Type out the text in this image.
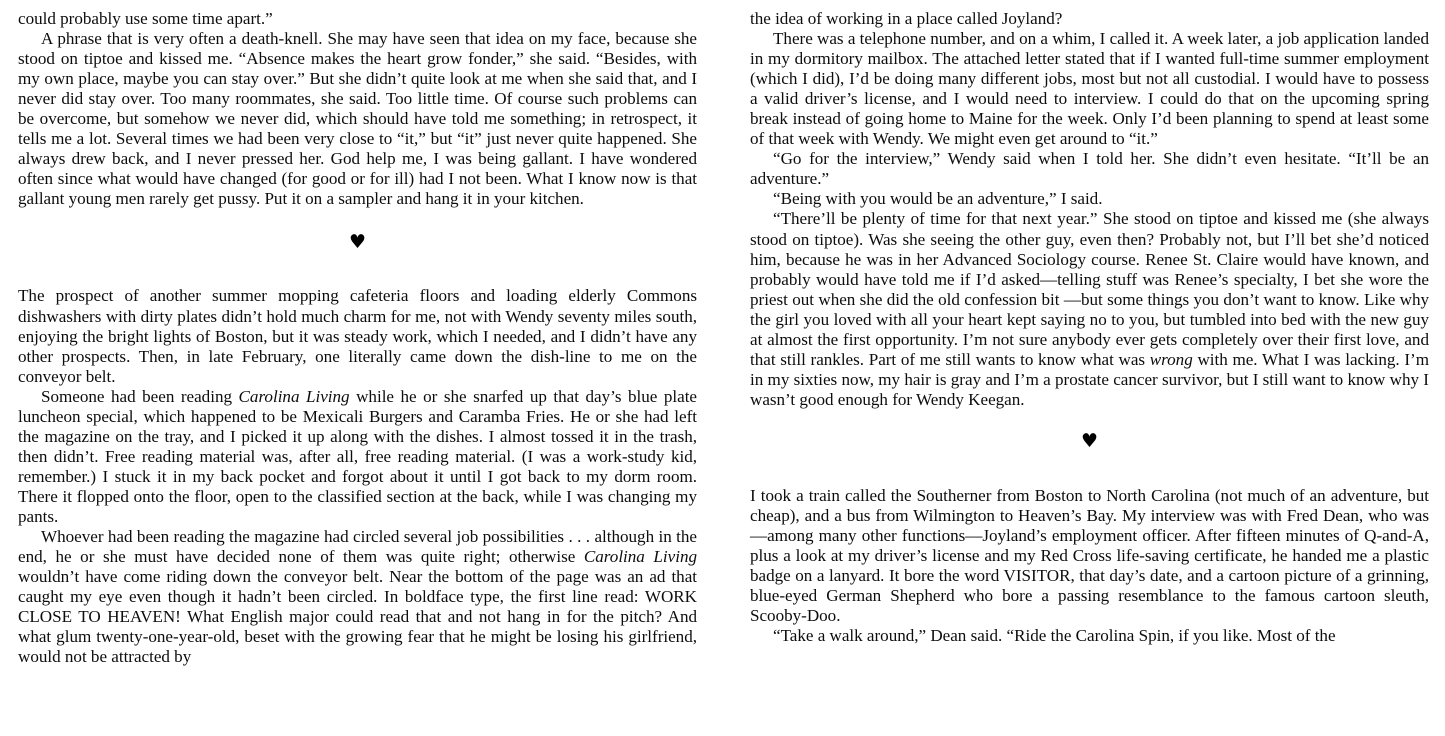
could probably use some time apart.”

A phrase that is very often a death-knell. She may have seen that idea on my face, because she stood on tiptoe and kissed me. “Absence makes the heart grow fonder,” she said. “Besides, with my own place, maybe you can stay over.” But she didn’t quite look at me when she said that, and I never did stay over. Too many roommates, she said. Too little time. Of course such problems can be overcome, but somehow we never did, which should have told me something; in retrospect, it tells me a lot. Several times we had been very close to “it,” but “it” just never quite happened. She always drew back, and I never pressed her. God help me, I was being gallant. I have wondered often since what would have changed (for good or for ill) had I not been. What I know now is that gallant young men rarely get pussy. Put it on a sampler and hang it in your kitchen.

♥

The prospect of another summer mopping cafeteria floors and loading elderly Commons dishwashers with dirty plates didn’t hold much charm for me, not with Wendy seventy miles south, enjoying the bright lights of Boston, but it was steady work, which I needed, and I didn’t have any other prospects. Then, in late February, one literally came down the dish-line to me on the conveyor belt.

Someone had been reading Carolina Living while he or she snarfed up that day’s blue plate luncheon special, which happened to be Mexicali Burgers and Caramba Fries. He or she had left the magazine on the tray, and I picked it up along with the dishes. I almost tossed it in the trash, then didn’t. Free reading material was, after all, free reading material. (I was a work-study kid, remember.) I stuck it in my back pocket and forgot about it until I got back to my dorm room. There it flopped onto the floor, open to the classified section at the back, while I was changing my pants.

Whoever had been reading the magazine had circled several job possibilities . . . although in the end, he or she must have decided none of them was quite right; otherwise Carolina Living wouldn’t have come riding down the conveyor belt. Near the bottom of the page was an ad that caught my eye even though it hadn’t been circled. In boldface type, the first line read: WORK CLOSE TO HEAVEN! What English major could read that and not hang in for the pitch? And what glum twenty-one-year-old, beset with the growing fear that he might be losing his girlfriend, would not be attracted by

the idea of working in a place called Joyland?

There was a telephone number, and on a whim, I called it. A week later, a job application landed in my dormitory mailbox. The attached letter stated that if I wanted full-time summer employment (which I did), I’d be doing many different jobs, most but not all custodial. I would have to possess a valid driver’s license, and I would need to interview. I could do that on the upcoming spring break instead of going home to Maine for the week. Only I’d been planning to spend at least some of that week with Wendy. We might even get around to “it.”

“Go for the interview,” Wendy said when I told her. She didn’t even hesitate. “It’ll be an adventure.”

“Being with you would be an adventure,” I said.

“There’ll be plenty of time for that next year.” She stood on tiptoe and kissed me (she always stood on tiptoe). Was she seeing the other guy, even then? Probably not, but I’ll bet she’d noticed him, because he was in her Advanced Sociology course. Renee St. Claire would have known, and probably would have told me if I’d asked—telling stuff was Renee’s specialty, I bet she wore the priest out when she did the old confession bit —but some things you don’t want to know. Like why the girl you loved with all your heart kept saying no to you, but tumbled into bed with the new guy at almost the first opportunity. I’m not sure anybody ever gets completely over their first love, and that still rankles. Part of me still wants to know what was wrong with me. What I was lacking. I’m in my sixties now, my hair is gray and I’m a prostate cancer survivor, but I still want to know why I wasn’t good enough for Wendy Keegan.

♥

I took a train called the Southerner from Boston to North Carolina (not much of an adventure, but cheap), and a bus from Wilmington to Heaven’s Bay. My interview was with Fred Dean, who was—among many other functions—Joyland’s employment officer. After fifteen minutes of Q-and-A, plus a look at my driver’s license and my Red Cross life-saving certificate, he handed me a plastic badge on a lanyard. It bore the word VISITOR, that day’s date, and a cartoon picture of a grinning, blue-eyed German Shepherd who bore a passing resemblance to the famous cartoon sleuth, Scooby-Doo.

“Take a walk around,” Dean said. “Ride the Carolina Spin, if you like. Most of the
